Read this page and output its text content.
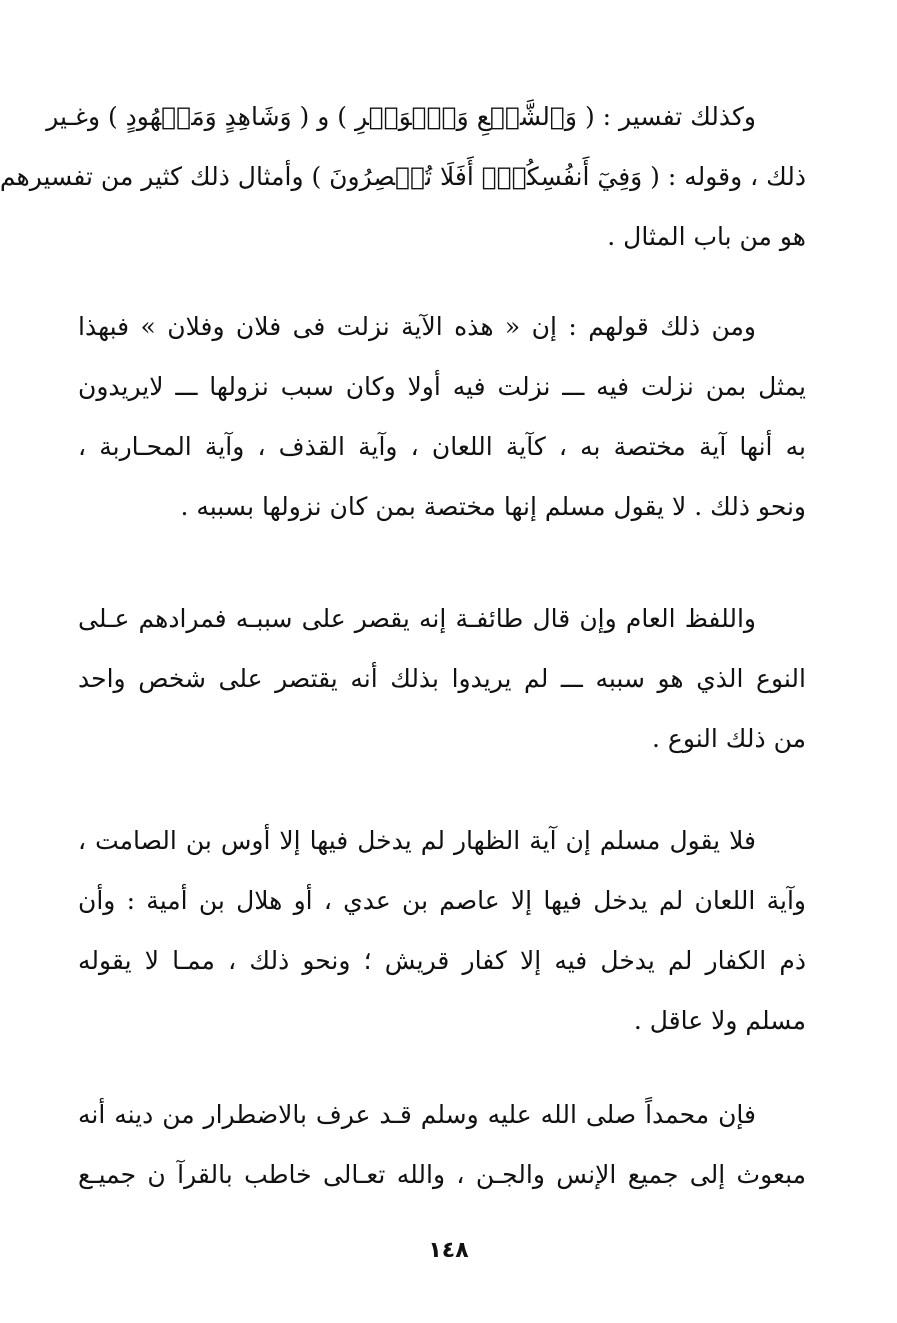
وكذلك تفسير : ( وَٱلشَّفۡعِ وَٱلۡوَتۡرِ ) و ( وَشَاهِدٍ وَمَشۡهُودٍ ) وغـير
ذلك ، وقوله : ( وَفِيٓ أَنفُسِكُمۡۚ أَفَلَا تُبۡصِرُونَ ) وأمثال ذلك كثير من تفسيرهم
هو من باب المثال .
ومن ذلك قولهم : إن « هذه الآية نزلت فى فلان وفلان » فبهذا
يمثل بمن نزلت فيه ـــ نزلت فيه أولا وكان سبب نزولها ـــ لايريدون
به أنها آية مختصة به ، كآية اللعان ، وآية القذف ، وآية المحـاربة ،
ونحو ذلك . لا يقول مسلم إنها مختصة بمن كان نزولها بسببه .
واللفظ العام وإن قال طائفـة إنه يقصر على سببـه فمرادهم عـلى
النوع الذي هو سببه ـــ لم يريدوا بذلك أنه يقتصر على شخص واحد
من ذلك النوع .
فلا يقول مسلم إن آية الظهار لم يدخل فيها إلا أوس بن الصامت ،
وآية اللعان لم يدخل فيها إلا عاصم بن عدي ، أو هلال بن أمية : وأن
ذم الكفار لم يدخل فيه إلا كفار قريش ؛ ونحو ذلك ، ممـا لا يقوله
مسلم ولا عاقل .
فإن محمداً صلى الله عليه وسلم قـد عرف بالاضطرار من دينه أنه
مبعوث إلى جميع الإنس والجـن ، والله تعـالى خاطب بالقرآ ن جميـع
١٤٨
